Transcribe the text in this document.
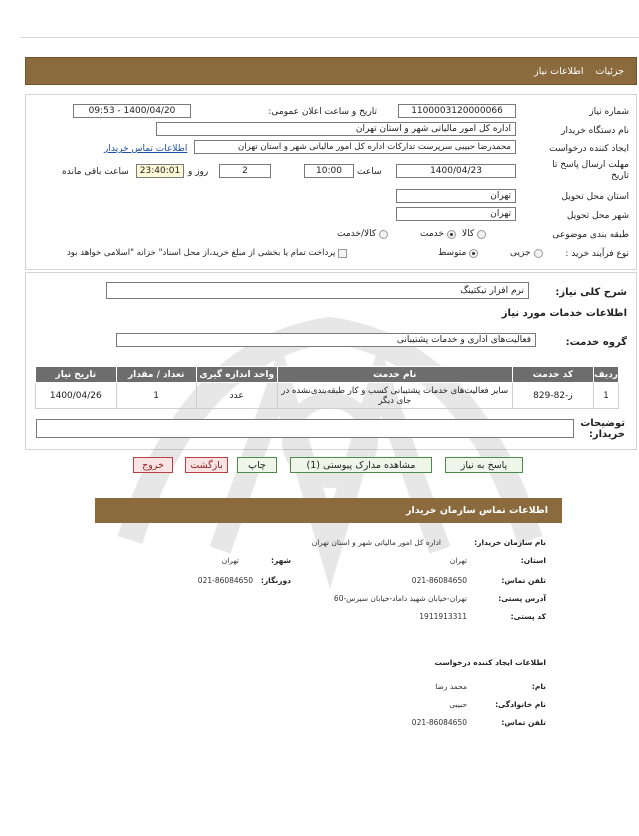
جزئیات
اطلاعات نیاز
شماره نیاز
1100003120000066
تاریخ و ساعت اعلان عمومی:
1400/04/20 - 09:53
نام دستگاه خریدار
اداره کل امور مالیاتی شهر و استان تهران
ایجاد کننده درخواست
محمدرضا حبیبی سرپرست تداركات اداره کل امور مالیاتی شهر و استان تهران
اطلاعات تماس خریدار
مهلت ارسال پاسخ تا تاریخ
1400/04/23
ساعت
10:00
2
روز و
23:40:01
ساعت باقی مانده
استان محل تحویل
تهران
شهر محل تحویل
تهران
طبقه بندی موضوعی
کالا
خدمت
کالا/خدمت
نوع فرآیند خرید :
جزیی
متوسط
پرداخت تمام یا بخشی از مبلغ خرید،از محل اسناد" خزانه "اسلامی خواهد بود
شرح کلی نیاز:
نرم افزار تیکتینگ
اطلاعات خدمات مورد نیاز
گروه خدمت:
فعالیت‌های اداری و خدمات پشتیبانی
ردیف	کد خدمت	نام خدمت	واحد اندازه گیری	تعداد / مقدار	تاریخ نیاز
1	ز-82-829	سایر فعالیت‌های خدمات پشتیبانی کسب و کار طبقه‌بندی‌نشده در جای دیگر	عدد	1	1400/04/26
توضیحات خریدار:
پاسخ به نیاز
مشاهده مدارک پیوستی (1)
چاپ
بازگشت
خروج
اطلاعات تماس سازمان خریدار
نام سازمان خریدار:
اداره کل امور مالیاتی شهر و استان تهران
استان:
تهران
شهر:
تهران
تلفن تماس:
021-86084650
دورنگار:
021-86084650
آدرس پستی:
تهران-خیابان شهید داماد-خیابان سیرس-60
کد پستی:
1911913311
اطلاعات ایجاد کننده درخواست
نام:
محمد رضا
نام خانوادگی:
حبیبی
تلفن تماس:
021-86084650
